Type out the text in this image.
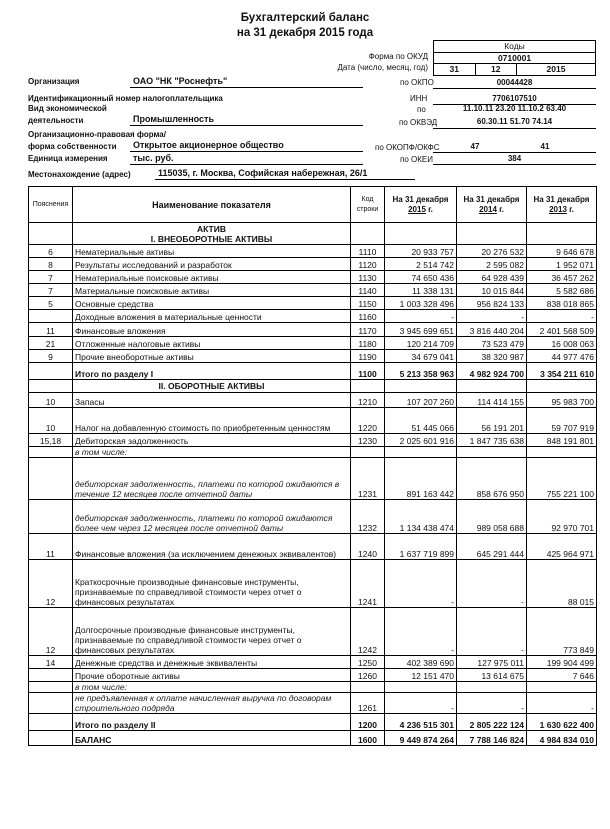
Бухгалтерский баланс
на 31 декабря 2015 года
Коды
0710001
31	12	2015
Форма по ОКУД
Дата (число, месяц, год)
Организация	ОАО "НК "Роснефть"	по ОКПО	00044428
Идентификационный номер налогоплательщика	ИНН	7706107510
Вид экономической
деятельности	Промышленность
по
по ОКВЭД
11.10.11 23.20 11.10.2 63.40
60.30.11 51.70 74.14
Организационно-правовая форма/
форма собственности Открытое акционерное общество	по ОКОПФ/ОКФС	47	41
Единица измерения	тыс. руб.	по ОКЕИ	384
Местонахождение (адрес)	115035, г. Москва, Софийская набережная, 26/1
Пояснения	Наименование показателя	Код строки	На 31 декабря
2015 г.	На 31 декабря
2014 г.	На 31 декабря
2013 г.
	АКТИВ
I. ВНЕОБОРОТНЫЕ АКТИВЫ				
6	Нематериальные активы	1110	20 933 757	20 276 532	9 646 678
8	Результаты исследований и разработок	1120	2 514 742	2 595 082	1 952 071
7	Нематериальные поисковые активы	1130	74 650 436	64 928 439	36 457 262
7	Материальные поисковые активы	1140	11 338 131	10 015 844	5 582 686
5	Основные средства	1150	1 003 328 496	956 824 133	838 018 865
	Доходные вложения в материальные ценности	1160	-	-	-
11	Финансовые вложения	1170	3 945 699 651	3 816 440 204	2 401 568 509
21	Отложенные налоговые активы	1180	120 214 709	73 523 479	16 008 063
9	Прочие внеоборотные активы	1190	34 679 041	38 320 987	44 977 476
	Итого по разделу I	1100	5 213 358 963	4 982 924 700	3 354 211 610
	II. ОБОРОТНЫЕ АКТИВЫ				
10	Запасы	1210	107 207 260	114 414 155	95 983 700
10	Налог на добавленную стоимость по приобретенным ценностям	1220	51 445 066	56 191 201	59 707 919
15,18	Дебиторская задолженность	1230	2 025 601 916	1 847 735 638	848 191 801
	в том числе:				
	дебиторская задолженность, платежи по которой ожидаются в течение 12 месяцев после отчетной даты	1231	891 163 442	858 676 950	755 221 100
	дебиторская задолженность, платежи по которой ожидаются более чем через 12 месяцев после отчетной даты	1232	1 134 438 474	989 058 688	92 970 701
11	Финансовые вложения (за исключением денежных эквивалентов)	1240	1 637 719 899	645 291 444	425 964 971
12	Краткосрочные производные финансовые инструменты, признаваемые по справедливой стоимости через отчет о финансовых результатах	1241	-	-	88 015
12	Долгосрочные производные финансовые инструменты, признаваемые по справедливой стоимости через отчет о финансовых результатах	1242	-	-	773 849
14	Денежные средства и денежные эквиваленты	1250	402 389 690	127 975 011	199 904 499
	Прочие оборотные активы	1260	12 151 470	13 614 675	7 646
	в том числе:				
	не предъявленная к оплате начисленная выручка по договорам строительного подряда	1261	-	-	-
	Итого по разделу II	1200	4 236 515 301	2 805 222 124	1 630 622 400
	БАЛАНС	1600	9 449 874 264	7 788 146 824	4 984 834 010
